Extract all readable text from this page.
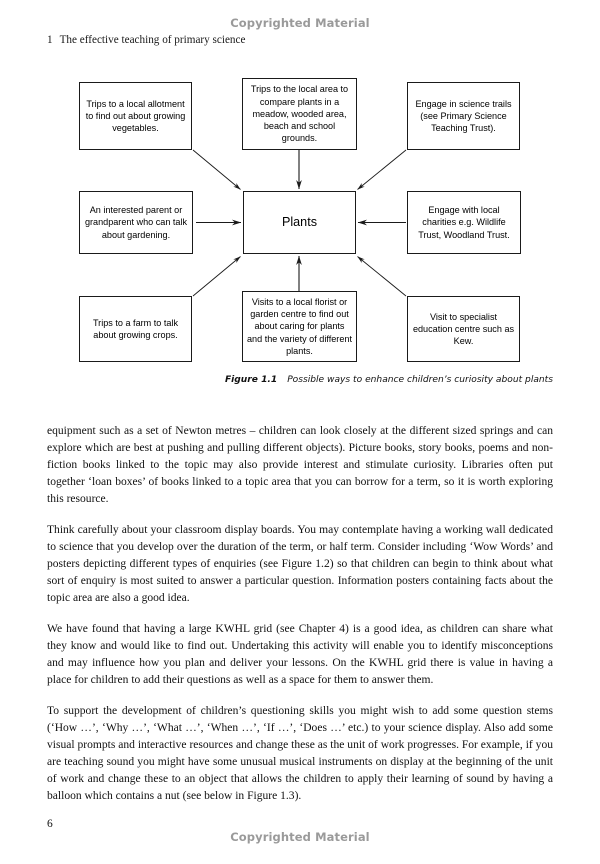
Copyrighted Material
1 The effective teaching of primary science
Trips to a local allotment to find out about growing vegetables.
Trips to the local area to compare plants in a meadow, wooded area, beach and school grounds.
Engage in science trails (see Primary Science Teaching Trust).
An interested parent or grandparent who can talk about gardening.
Plants
Engage with local charities e.g. Wildlife Trust, Woodland Trust.
Trips to a farm to talk about growing crops.
Visits to a local florist or garden centre to find out about caring for plants and the variety of different plants.
Visit to specialist education centre such as Kew.
Figure 1.1 Possible ways to enhance children’s curiosity about plants

equipment such as a set of Newton metres – children can look closely at the different sized springs and can explore which are best at pushing and pulling different objects). Picture books, story books, poems and non-fiction books linked to the topic may also provide interest and stimulate curiosity. Libraries often put together ‘loan boxes’ of books linked to a topic area that you can borrow for a term, so it is worth exploring this resource.

Think carefully about your classroom display boards. You may contemplate having a working wall dedicated to science that you develop over the duration of the term, or half term. Consider including ‘Wow Words’ and posters depicting different types of enquiries (see Figure 1.2) so that children can begin to think about what sort of enquiry is most suited to answer a particular question. Information posters containing facts about the topic area are also a good idea.

We have found that having a large KWHL grid (see Chapter 4) is a good idea, as children can share what they know and would like to find out. Undertaking this activity will enable you to identify misconceptions and may influence how you plan and deliver your lessons. On the KWHL grid there is value in having a place for children to add their questions as well as a space for them to answer them.

To support the development of children’s questioning skills you might wish to add some question stems (‘How …’, ‘Why …’, ‘What …’, ‘When …’, ‘If …’, ‘Does …’ etc.) to your science display. Also add some visual prompts and interactive resources and change these as the unit of work progresses. For example, if you are teaching sound you might have some unusual musical instruments on display at the beginning of the unit of work and change these to an object that allows the children to apply their learning of sound by having a balloon which contains a nut (see below in Figure 1.3).

6
Copyrighted Material
